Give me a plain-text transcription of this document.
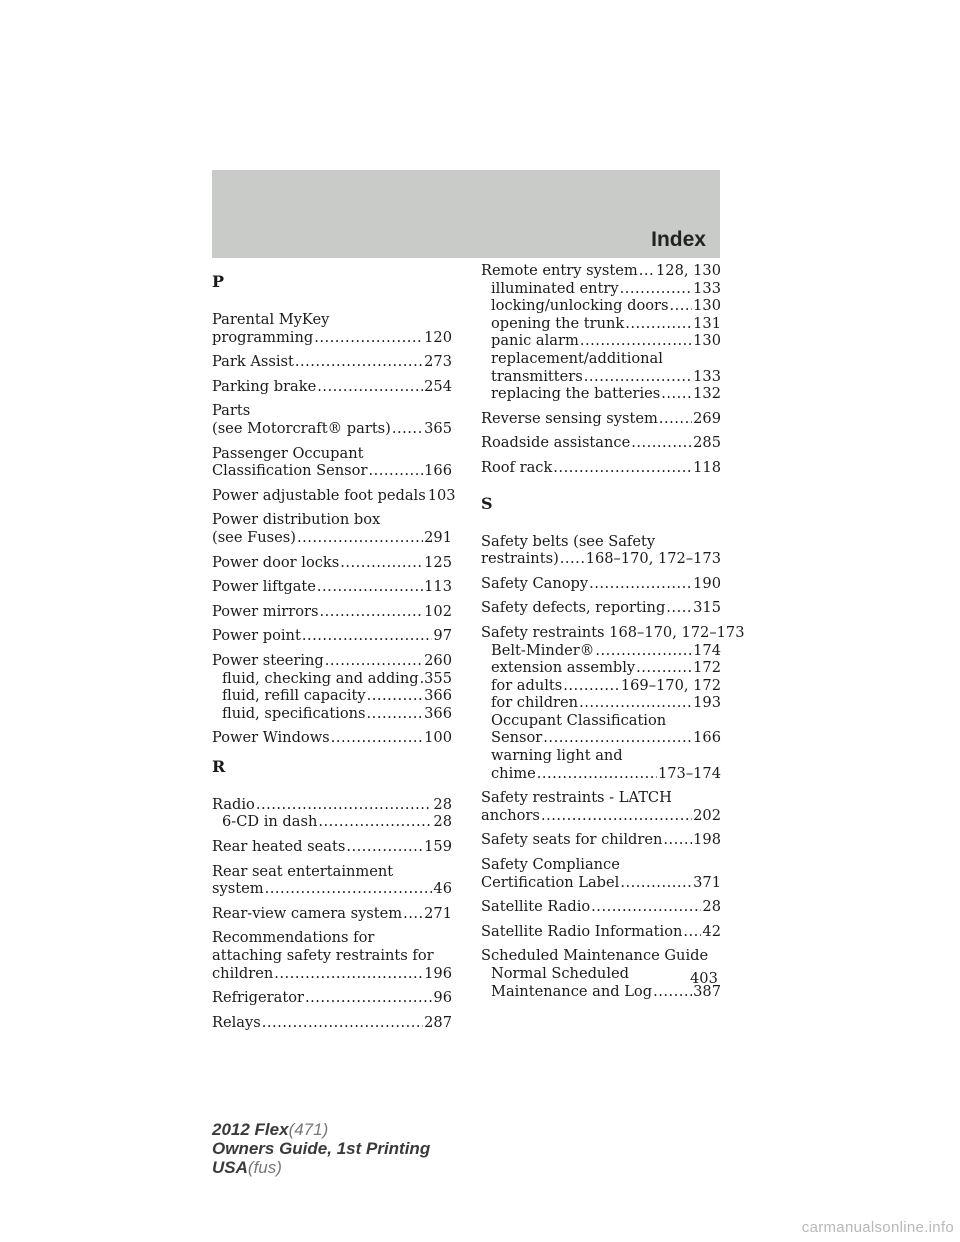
Index
P
Parental MyKey
programming .....	120
Park Assist .....	273
Parking brake .....	254
Parts
(see Motorcraft® parts) ..... 365
Passenger Occupant
Classification Sensor .....	166
Power adjustable foot pedals 103
Power distribution box
(see Fuses) .....	291
Power door locks .....	125
Power liftgate .....	113
Power mirrors .....	102
Power point .....	97
Power steering .....	260
fluid, checking and adding ..... 355
fluid, refill capacity .....	366
fluid, specifications .....	366
Power Windows .....	100
R
Radio .....	28
6-CD in dash .....	28
Rear heated seats .....	159
Rear seat entertainment
system .....	46
Rear-view camera system ..... 271
Recommendations for
attaching safety restraints for
children .....	196
Refrigerator .....	96
Relays .....	287
Remote entry system ..... 128, 130
illuminated entry .....	133
locking/unlocking doors ..... 130
opening the trunk .....	131
panic alarm .....	130
replacement/additional
transmitters .....	133
replacing the batteries ..... 132
Reverse sensing system ..... 269
Roadside assistance .....	285
Roof rack .....	118
S
Safety belts (see Safety
restraints) ..... 168–170, 172–173
Safety Canopy .....	190
Safety defects, reporting ..... 315
Safety restraints 168–170, 172–173
Belt-Minder® .....	174
extension assembly .....	172
for adults .....	169–170, 172
for children .....	193
Occupant Classification
Sensor .....	166
warning light and
chime .....	173–174
Safety restraints - LATCH
anchors .....	202
Safety seats for children ..... 198
Safety Compliance
Certification Label .....	371
Satellite Radio .....	28
Satellite Radio Information ..... 42
Scheduled Maintenance Guide
Normal Scheduled
Maintenance and Log .....	387
403
2012 Flex(471)
Owners Guide, 1st Printing
USA(fus)
carmanualsonline.info
